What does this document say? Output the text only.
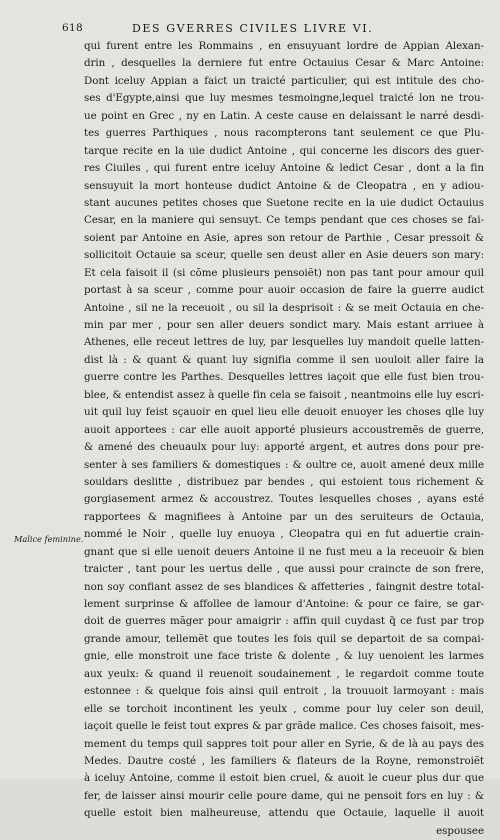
618	DES GVERRES CIVILES LIVRE VI.
Malice feminine.
qui furent entre les Rommains , en ensuyuant lordre de Appian Alexan-
drin , desquelles la derniere fut entre Octauius Cesar & Marc Antoine:
Dont iceluy Appian a faict un traicté particulier, qui est intitule des cho-
ses d'Egypte,ainsi que luy mesmes tesmoingne,lequel traicté lon ne trou-
ue point en Grec , ny en Latin. A ceste cause en delaissant le narré desdi-
tes guerres Parthiques , nous racompterons tant seulement ce que Plu-
tarque recite en la uie dudict Antoine , qui concerne les discors des guer-
res Ciuiles , qui furent entre iceluy Antoine & ledict Cesar , dont a la fin
sensuyuit la mort honteuse dudict Antoine & de Cleopatra , en y adiou-
stant aucunes petites choses que Suetone recite en la uie dudict Octauius
Cesar, en la maniere qui sensuyt. Ce temps pendant que ces choses se fai-
soient par Antoine en Asie, apres son retour de Parthie , Cesar pressoit &
sollicitoit Octauie sa sceur, quelle sen deust aller en Asie deuers son mary:
Et cela faisoit il (si cõme plusieurs pensoiẽt) non pas tant pour amour quil
portast à sa sceur , comme pour auoir occasion de faire la guerre audict
Antoine , sil ne la receuoit , ou sil la desprisoit : & se meit Octauia en che-
min par mer , pour sen aller deuers sondict mary. Mais estant arriuee à
Athenes, elle receut lettres de luy, par lesquelles luy mandoit quelle latten-
dist là : & quant & quant luy signifia comme il sen uouloit aller faire la
guerre contre les Parthes. Desquelles lettres iaçoit que elle fust bien trou-
blee, & entendist assez à quelle fin cela se faisoit , neantmoins elle luy escri-
uit quil luy feist sçauoir en quel lieu elle deuoit enuoyer les choses qlle luy
auoit apportees : car elle auoit apporté plusieurs accoustremẽs de guerre,
& amené des cheuaulx pour luy: apporté argent, et autres dons pour pre-
senter à ses familiers & domestiques : & oultre ce, auoit amené deux mille
souldars deslitte , distribuez par bendes , qui estoient tous richement &
gorgiasement armez & accoustrez. Toutes lesquelles choses , ayans esté
rapportees & magnifiees à Antoine par un des seruiteurs de Octauia,
nommé le Noir , quelle luy enuoya , Cleopatra qui en fut aduertie crain-
gnant que si elle uenoit deuers Antoine il ne fust meu a la receuoir & bien
traicter , tant pour les uertus delle , que aussi pour craincte de son frere,
non soy confiant assez de ses blandices & affetteries , faingnit destre total-
lement surprinse & affollee de lamour d'Antoine: & pour ce faire, se gar-
doit de guerres mãger pour amaigrir : affin quil cuydast q̃ ce fust par trop
grande amour, tellemẽt que toutes les fois quil se departoit de sa compai-
gnie, elle monstroit une face triste & dolente , & luy uenoient les larmes
aux yeulx: & quand il reuenoit soudainement , le regardoit comme toute
estonnee : & quelque fois ainsi quil entroit , la trouuoit larmoyant : mais
elle se torchoit incontinent les yeulx , comme pour luy celer son deuil,
iaçoit quelle le feist tout expres & par grãde malice. Ces choses faisoit, mes-
mement du temps quil sappres toit pour aller en Syrie, & de là au pays des
Medes. Dautre costé , les familiers & flateurs de la Royne, remonstroiẽt
à iceluy Antoine, comme il estoit bien cruel, & auoit le cueur plus dur que
fer, de laisser ainsi mourir celle poure dame, qui ne pensoit fors en luy : &
quelle estoit bien malheureuse, attendu que Octauie, laquelle il auoit
espousee
